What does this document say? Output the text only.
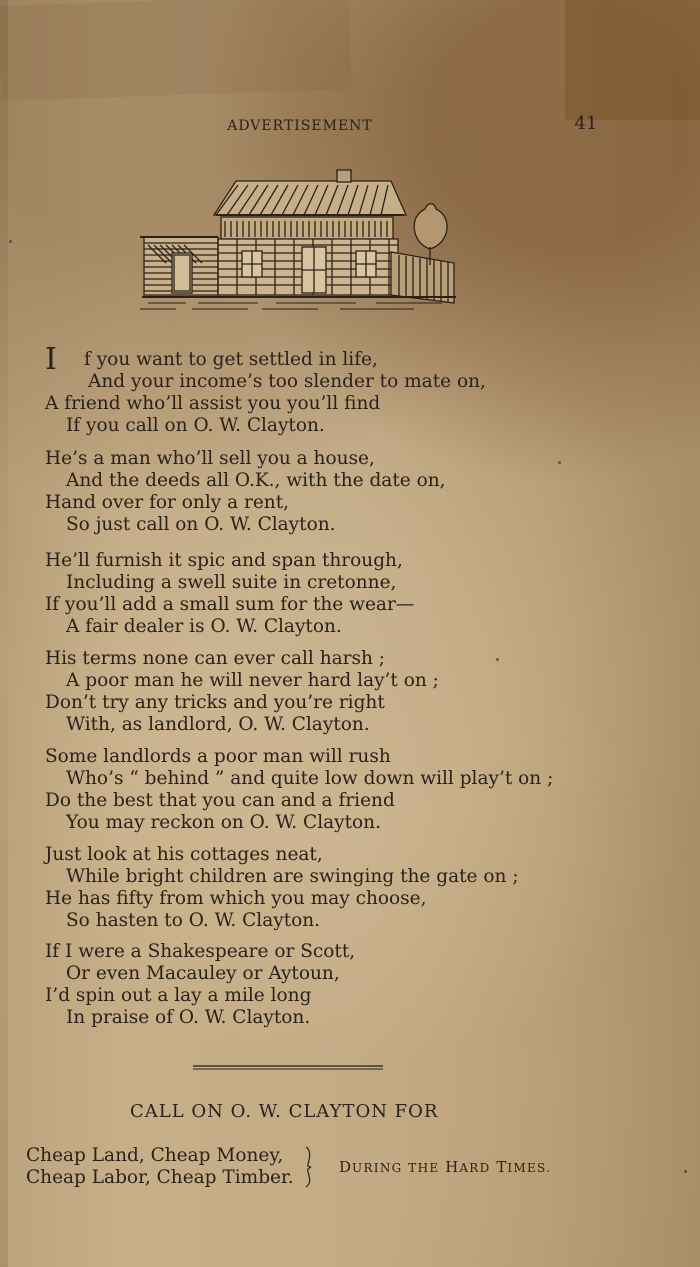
ADVERTISEMENT	41
I f you want to get settled in life,
And your income’s too slender to mate on,
A friend who’ll assist you you’ll find
If you call on O. W. Clayton.
He’s a man who’ll sell you a house,
And the deeds all O.K., with the date on,
Hand over for only a rent,
So just call on O. W. Clayton.
He’ll furnish it spic and span through,
Including a swell suite in cretonne,
If you’ll add a small sum for the wear—
A fair dealer is O. W. Clayton.
His terms none can ever call harsh ;
A poor man he will never hard lay’t on ;
Don’t try any tricks and you’re right
With, as landlord, O. W. Clayton.
Some landlords a poor man will rush
Who’s “ behind ” and quite low down will play’t on ;
Do the best that you can and a friend
You may reckon on O. W. Clayton.
Just look at his cottages neat,
While bright children are swinging the gate on ;
He has fifty from which you may choose,
So hasten to O. W. Clayton.
If I were a Shakespeare or Scott,
Or even Macauley or Aytoun,
I’d spin out a lay a mile long
In praise of O. W. Clayton.
CALL ON O. W. CLAYTON FOR
Cheap Land, Cheap Money,
Cheap Labor, Cheap Timber.	DURING THE HARD TIMES.
